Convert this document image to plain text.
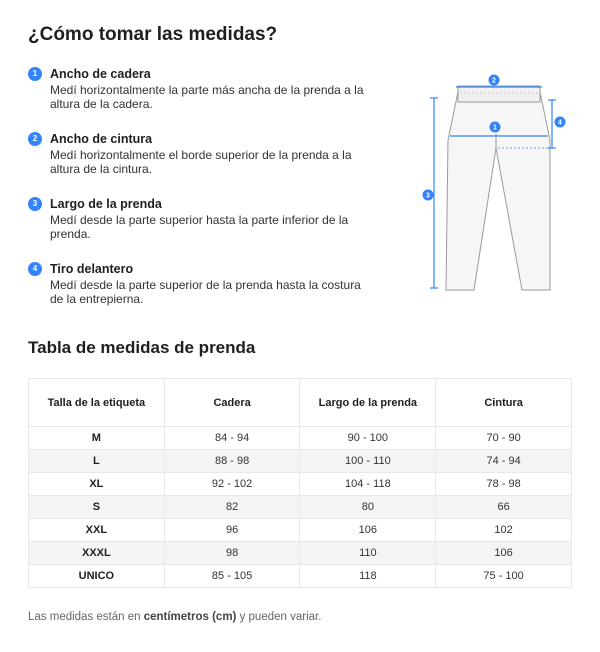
¿Cómo tomar las medidas?
1	Ancho de cadera
Medí horizontalmente la parte más ancha de la prenda a la altura de la cadera.
2	Ancho de cintura
Medí horizontalmente el borde superior de la prenda a la altura de la cintura.
3	Largo de la prenda
Medí desde la parte superior hasta la parte inferior de la prenda.
4	Tiro delantero
Medí desde la parte superior de la prenda hasta la costura de la entrepierna.
2
1
3
4
Tabla de medidas de prenda
Talla de la etiqueta	Cadera	Largo de la prenda	Cintura
M	84 - 94	90 - 100	70 - 90
L	88 - 98	100 - 110	74 - 94
XL	92 - 102	104 - 118	78 - 98
S	82	80	66
XXL	96	106	102
XXXL	98	110	106
UNICO	85 - 105	118	75 - 100
Las medidas están en centímetros (cm) y pueden variar.
